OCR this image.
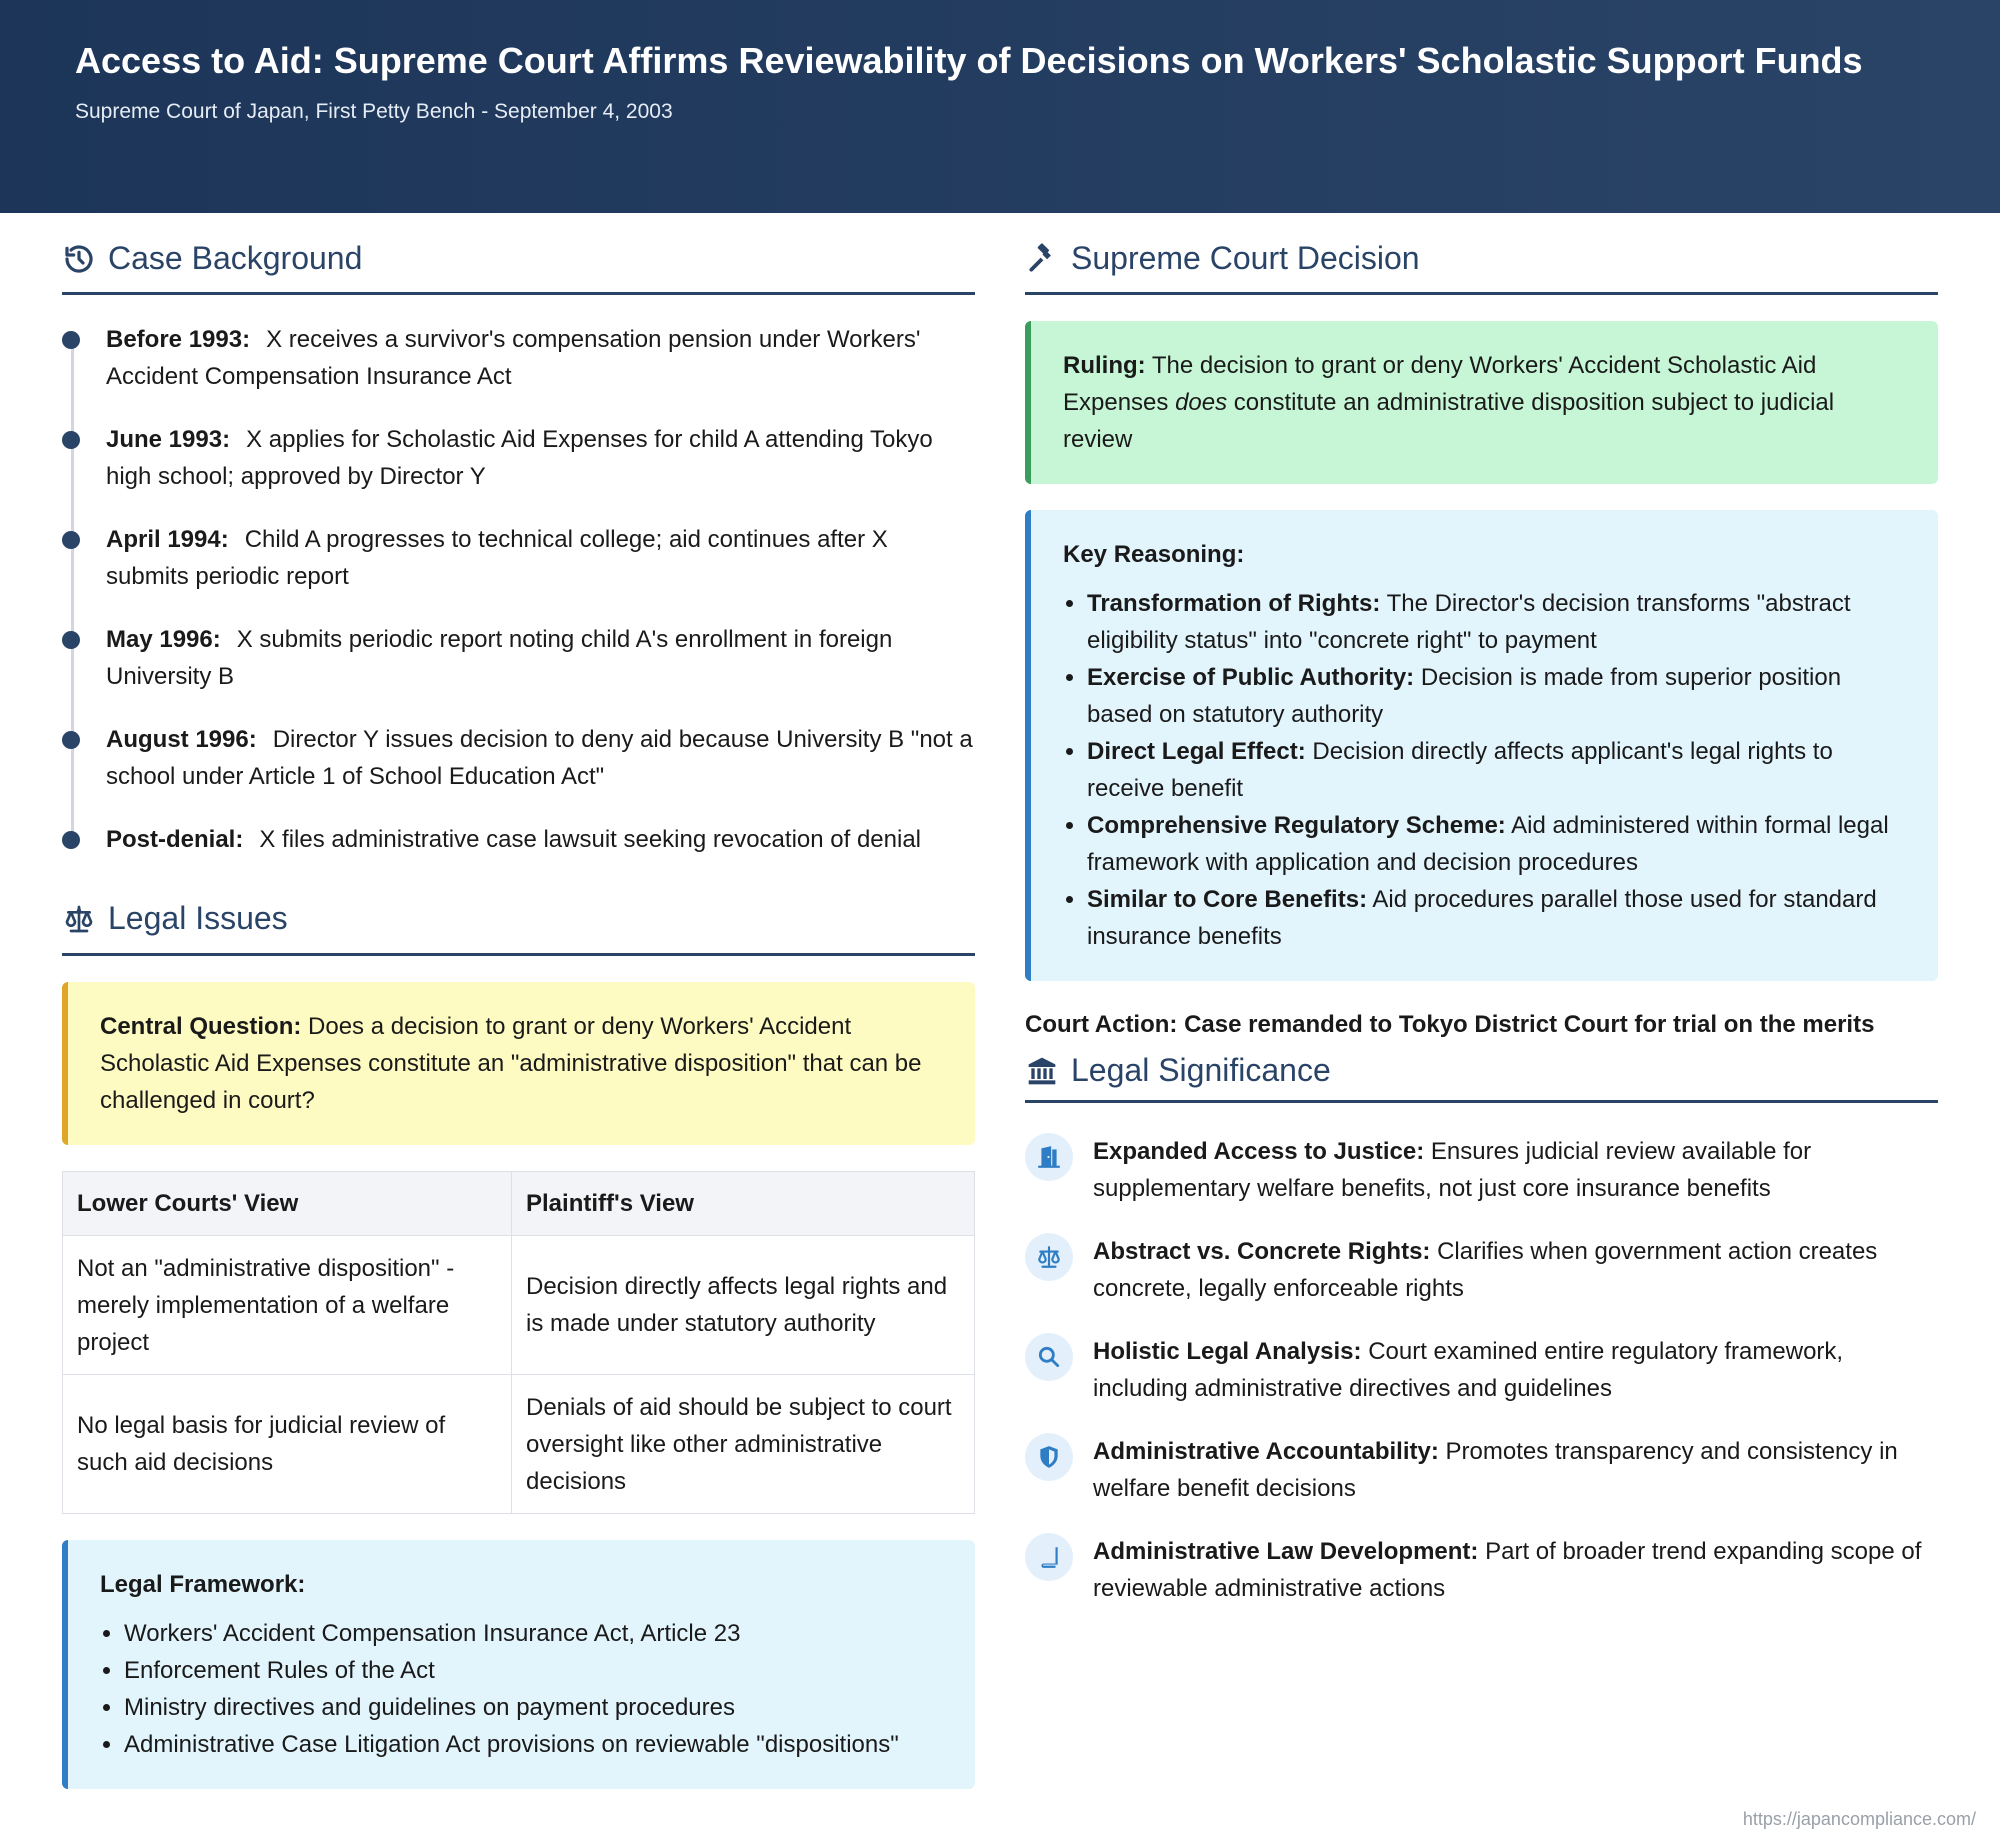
Access to Aid: Supreme Court Affirms Reviewability of Decisions on Workers' Scholastic Support Funds
Supreme Court of Japan, First Petty Bench - September 4, 2003
Case Background
Before 1993: X receives a survivor's compensation pension under Workers' Accident Compensation Insurance Act
June 1993: X applies for Scholastic Aid Expenses for child A attending Tokyo high school; approved by Director Y
April 1994: Child A progresses to technical college; aid continues after X submits periodic report
May 1996: X submits periodic report noting child A's enrollment in foreign University B
August 1996: Director Y issues decision to deny aid because University B "not a school under Article 1 of School Education Act"
Post-denial: X files administrative case lawsuit seeking revocation of denial
Legal Issues
Central Question: Does a decision to grant or deny Workers' Accident Scholastic Aid Expenses constitute an "administrative disposition" that can be challenged in court?
Lower Courts' View	Plaintiff's View
Not an "administrative disposition" - merely implementation of a welfare project	Decision directly affects legal rights and is made under statutory authority
No legal basis for judicial review of such aid decisions	Denials of aid should be subject to court oversight like other administrative decisions
Legal Framework:
• Workers' Accident Compensation Insurance Act, Article 23
• Enforcement Rules of the Act
• Ministry directives and guidelines on payment procedures
• Administrative Case Litigation Act provisions on reviewable "dispositions"
Supreme Court Decision
Ruling: The decision to grant or deny Workers' Accident Scholastic Aid Expenses does constitute an administrative disposition subject to judicial review
Key Reasoning:
• Transformation of Rights: The Director's decision transforms "abstract eligibility status" into "concrete right" to payment
• Exercise of Public Authority: Decision is made from superior position based on statutory authority
• Direct Legal Effect: Decision directly affects applicant's legal rights to receive benefit
• Comprehensive Regulatory Scheme: Aid administered within formal legal framework with application and decision procedures
• Similar to Core Benefits: Aid procedures parallel those used for standard insurance benefits
Court Action: Case remanded to Tokyo District Court for trial on the merits
Legal Significance
Expanded Access to Justice: Ensures judicial review available for supplementary welfare benefits, not just core insurance benefits
Abstract vs. Concrete Rights: Clarifies when government action creates concrete, legally enforceable rights
Holistic Legal Analysis: Court examined entire regulatory framework, including administrative directives and guidelines
Administrative Accountability: Promotes transparency and consistency in welfare benefit decisions
Administrative Law Development: Part of broader trend expanding scope of reviewable administrative actions
https://japancompliance.com/
